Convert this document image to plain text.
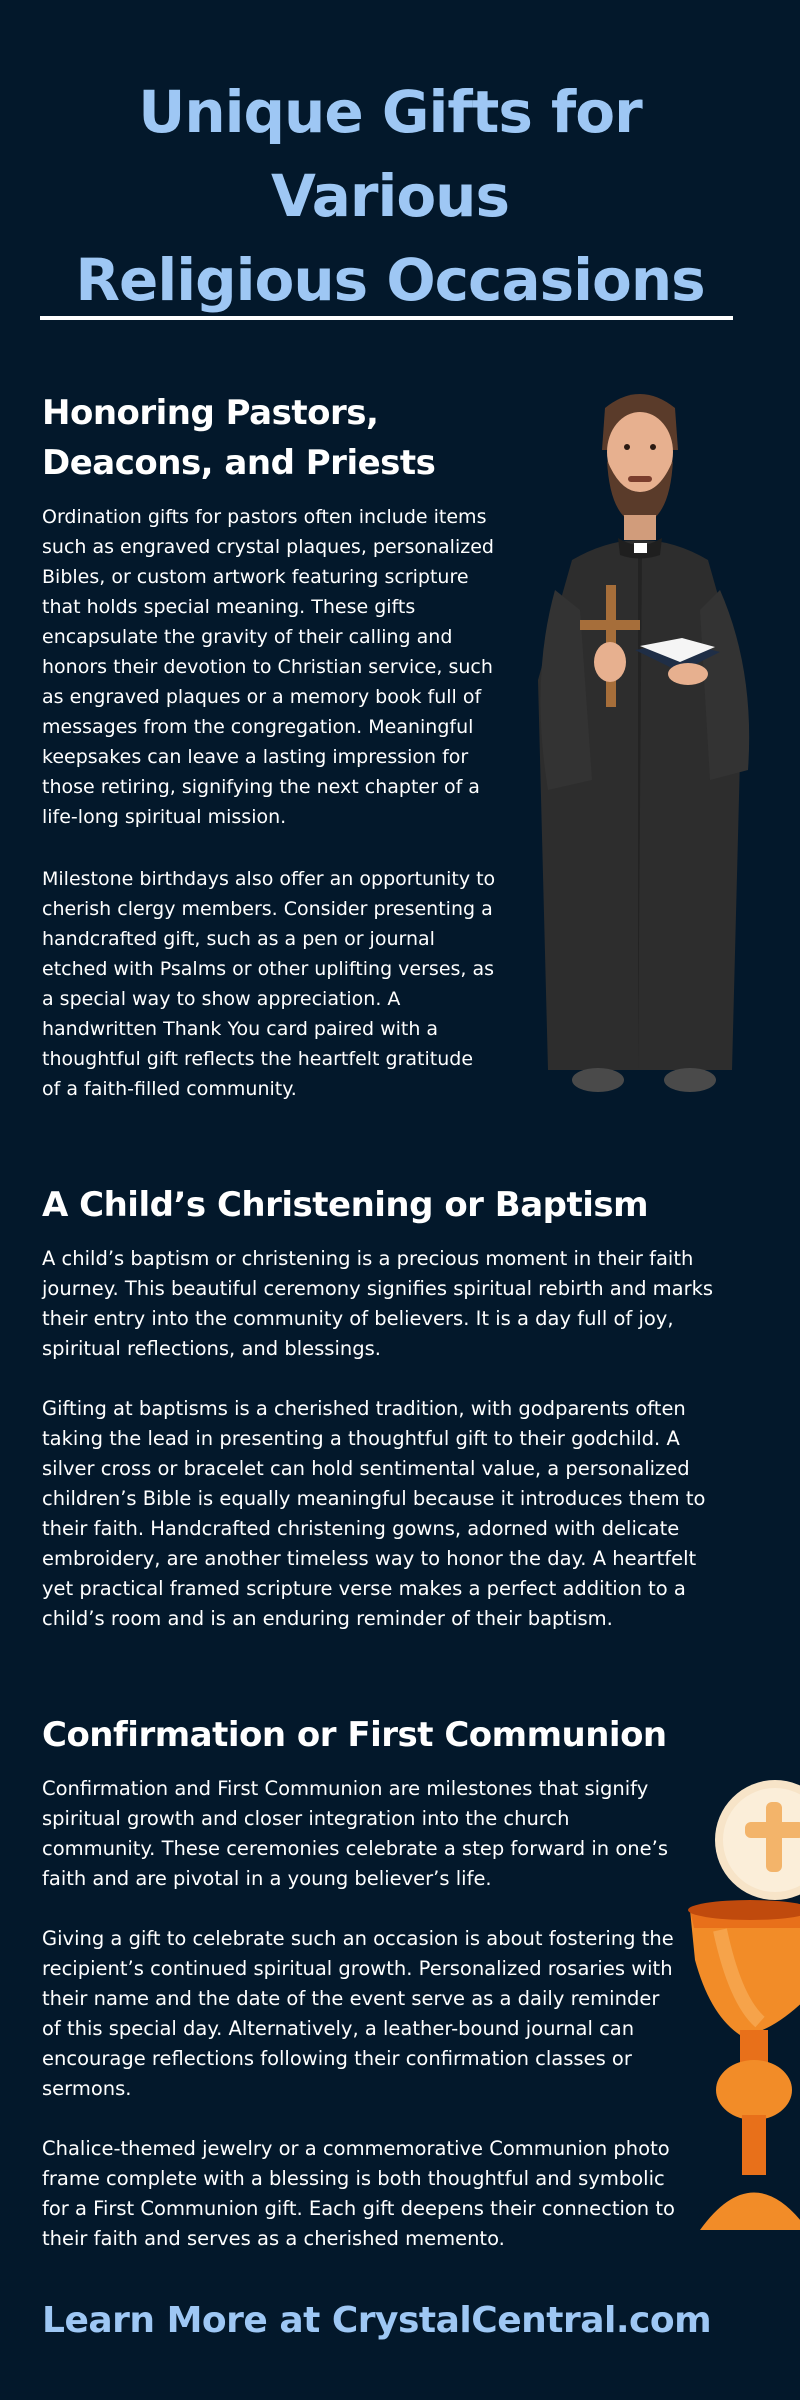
Unique Gifts for Various
Religious Occasions
Honoring Pastors, Deacons, and Priests

Ordination gifts for pastors often include items such as engraved crystal plaques, personalized Bibles, or custom artwork featuring scripture that holds special meaning. These gifts encapsulate the gravity of their calling and honors their devotion to Christian service, such as engraved plaques or a memory book full of messages from the congregation. Meaningful keepsakes can leave a lasting impression for those retiring, signifying the next chapter of a life-long spiritual mission.

Milestone birthdays also offer an opportunity to cherish clergy members. Consider presenting a handcrafted gift, such as a pen or journal etched with Psalms or other uplifting verses, as a special way to show appreciation. A handwritten Thank You card paired with a thoughtful gift reflects the heartfelt gratitude of a faith-filled community.

A Child’s Christening or Baptism

A child’s baptism or christening is a precious moment in their faith journey. This beautiful ceremony signifies spiritual rebirth and marks their entry into the community of believers. It is a day full of joy, spiritual reflections, and blessings.

Gifting at baptisms is a cherished tradition, with godparents often taking the lead in presenting a thoughtful gift to their godchild. A silver cross or bracelet can hold sentimental value, a personalized children’s Bible is equally meaningful because it introduces them to their faith. Handcrafted christening gowns, adorned with delicate embroidery, are another timeless way to honor the day. A heartfelt yet practical framed scripture verse makes a perfect addition to a child’s room and is an enduring reminder of their baptism.

Confirmation or First Communion

Confirmation and First Communion are milestones that signify spiritual growth and closer integration into the church community. These ceremonies celebrate a step forward in one’s faith and are pivotal in a young believer’s life.

Giving a gift to celebrate such an occasion is about fostering the recipient’s continued spiritual growth. Personalized rosaries with their name and the date of the event serve as a daily reminder of this special day. Alternatively, a leather-bound journal can encourage reflections following their confirmation classes or sermons.

Chalice-themed jewelry or a commemorative Communion photo frame complete with a blessing is both thoughtful and symbolic for a First Communion gift. Each gift deepens their connection to their faith and serves as a cherished memento.

Learn More at CrystalCentral.com
